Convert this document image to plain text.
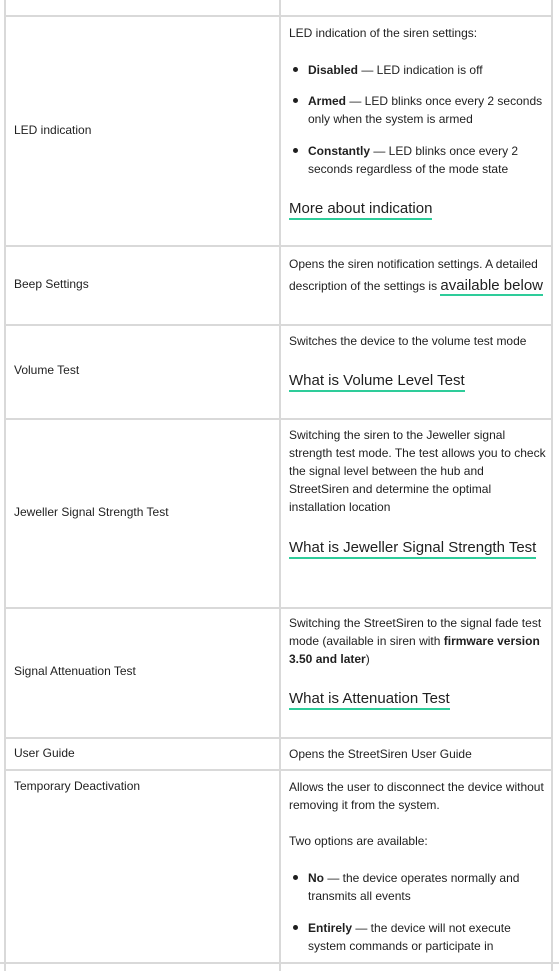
LED indication
LED indication of the siren settings:
Disabled — LED indication is off
Armed — LED blinks once every 2 seconds only when the system is armed
Constantly — LED blinks once every 2 seconds regardless of the mode state
More about indication
Beep Settings
Opens the siren notification settings. A detailed description of the settings is available below
Volume Test
Switches the device to the volume test mode
What is Volume Level Test
Jeweller Signal Strength Test
Switching the siren to the Jeweller signal strength test mode. The test allows you to check the signal level between the hub and StreetSiren and determine the optimal installation location
What is Jeweller Signal Strength Test
Signal Attenuation Test
Switching the StreetSiren to the signal fade test mode (available in siren with firmware version 3.50 and later)
What is Attenuation Test
User Guide	Opens the StreetSiren User Guide
Temporary Deactivation	Allows the user to disconnect the device without removing it from the system.
Two options are available:
No — the device operates normally and transmits all events
Entirely — the device will not execute system commands or participate in
